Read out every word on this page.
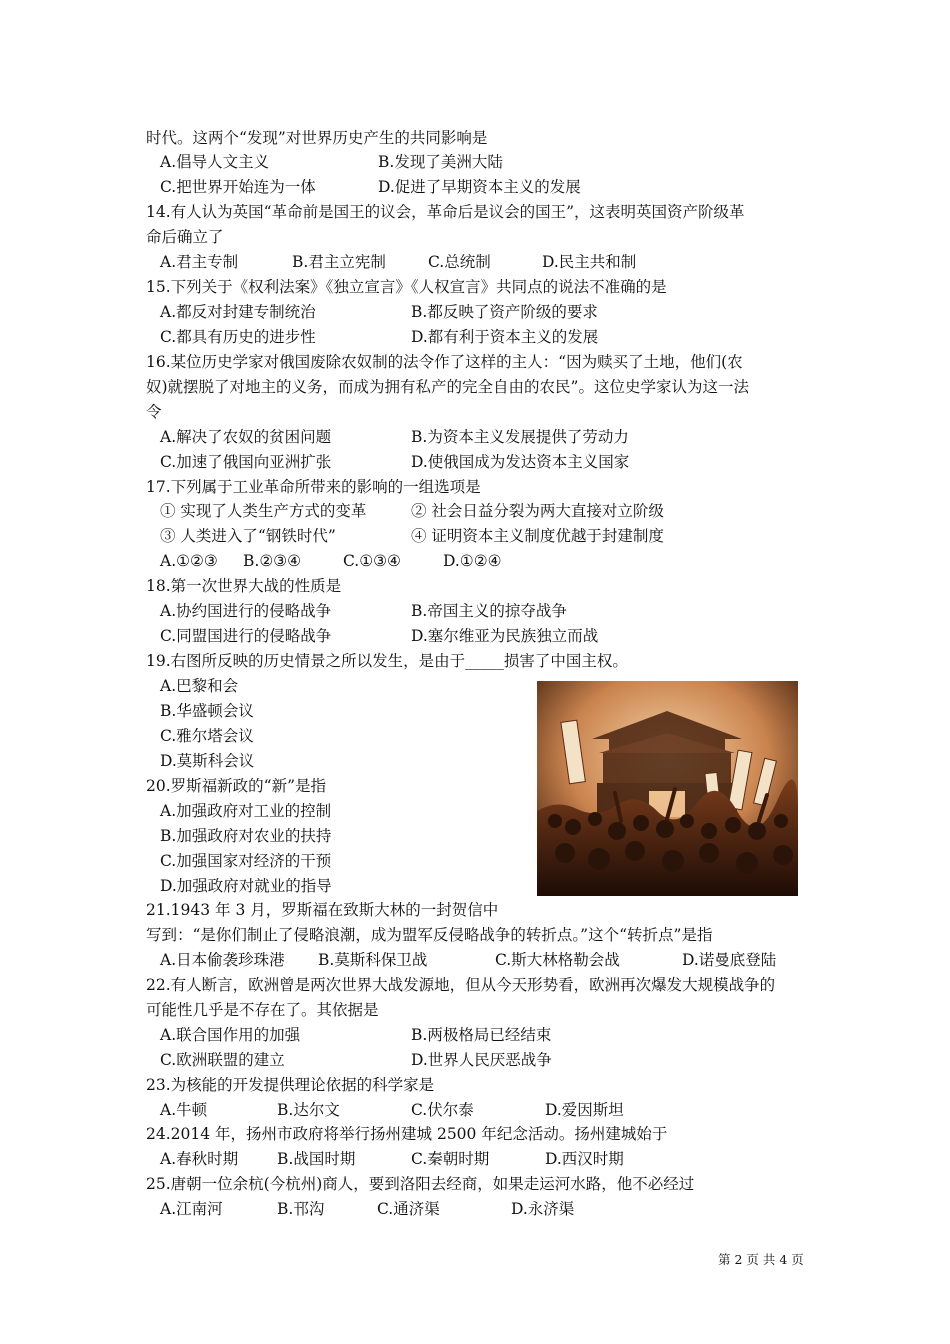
时代。这两个“发现”对世界历史产生的共同影响是
A.倡导人文主义	B.发现了美洲大陆
C.把世界开始连为一体	D.促进了早期资本主义的发展
14.有人认为英国“革命前是国王的议会，革命后是议会的国王”，这表明英国资产阶级革
命后确立了
A.君主专制	B.君主立宪制	C.总统制	D.民主共和制
15.下列关于《权利法案》《独立宣言》《人权宣言》共同点的说法不准确的是
A.都反对封建专制统治	B.都反映了资产阶级的要求
C.都具有历史的进步性	D.都有利于资本主义的发展
16.某位历史学家对俄国废除农奴制的法令作了这样的主人：“因为赎买了土地，他们(农
奴)就摆脱了对地主的义务，而成为拥有私产的完全自由的农民”。这位史学家认为这一法
令
A.解决了农奴的贫困问题	B.为资本主义发展提供了劳动力
C.加速了俄国向亚洲扩张	D.使俄国成为发达资本主义国家
17.下列属于工业革命所带来的影响的一组选项是
① 实现了人类生产方式的变革	② 社会日益分裂为两大直接对立阶级
③ 人类进入了“钢铁时代”	④ 证明资本主义制度优越于封建制度
A.①②③ B.②③④	C.①③④	D.①②④
18.第一次世界大战的性质是
A.协约国进行的侵略战争	B.帝国主义的掠夺战争
C.同盟国进行的侵略战争	D.塞尔维亚为民族独立而战
19.右图所反映的历史情景之所以发生，是由于_____损害了中国主权。
A.巴黎和会
B.华盛顿会议
C.雅尔塔会议
D.莫斯科会议
20.罗斯福新政的“新”是指
A.加强政府对工业的控制
B.加强政府对农业的扶持
C.加强国家对经济的干预
D.加强政府对就业的指导
21.1943 年 3 月，罗斯福在致斯大林的一封贺信中
写到：“是你们制止了侵略浪潮，成为盟军反侵略战争的转折点。”这个“转折点”是指
A.日本偷袭珍珠港 B.莫斯科保卫战	C.斯大林格勒会战	D.诺曼底登陆
22.有人断言，欧洲曾是两次世界大战发源地，但从今天形势看，欧洲再次爆发大规模战争的
可能性几乎是不存在了。其依据是
A.联合国作用的加强	B.两极格局已经结束
C.欧洲联盟的建立	D.世界人民厌恶战争
23.为核能的开发提供理论依据的科学家是
A.牛顿	B.达尔文	C.伏尔泰	D.爱因斯坦
24.2014 年，扬州市政府将举行扬州建城 2500 年纪念活动。扬州建城始于
A.春秋时期	B.战国时期	C.秦朝时期	D.西汉时期
25.唐朝一位余杭(今杭州)商人，要到洛阳去经商，如果走运河水路，他不必经过
A.江南河	B.邗沟	C.通济渠	D.永济渠
第 2 页 共 4 页
